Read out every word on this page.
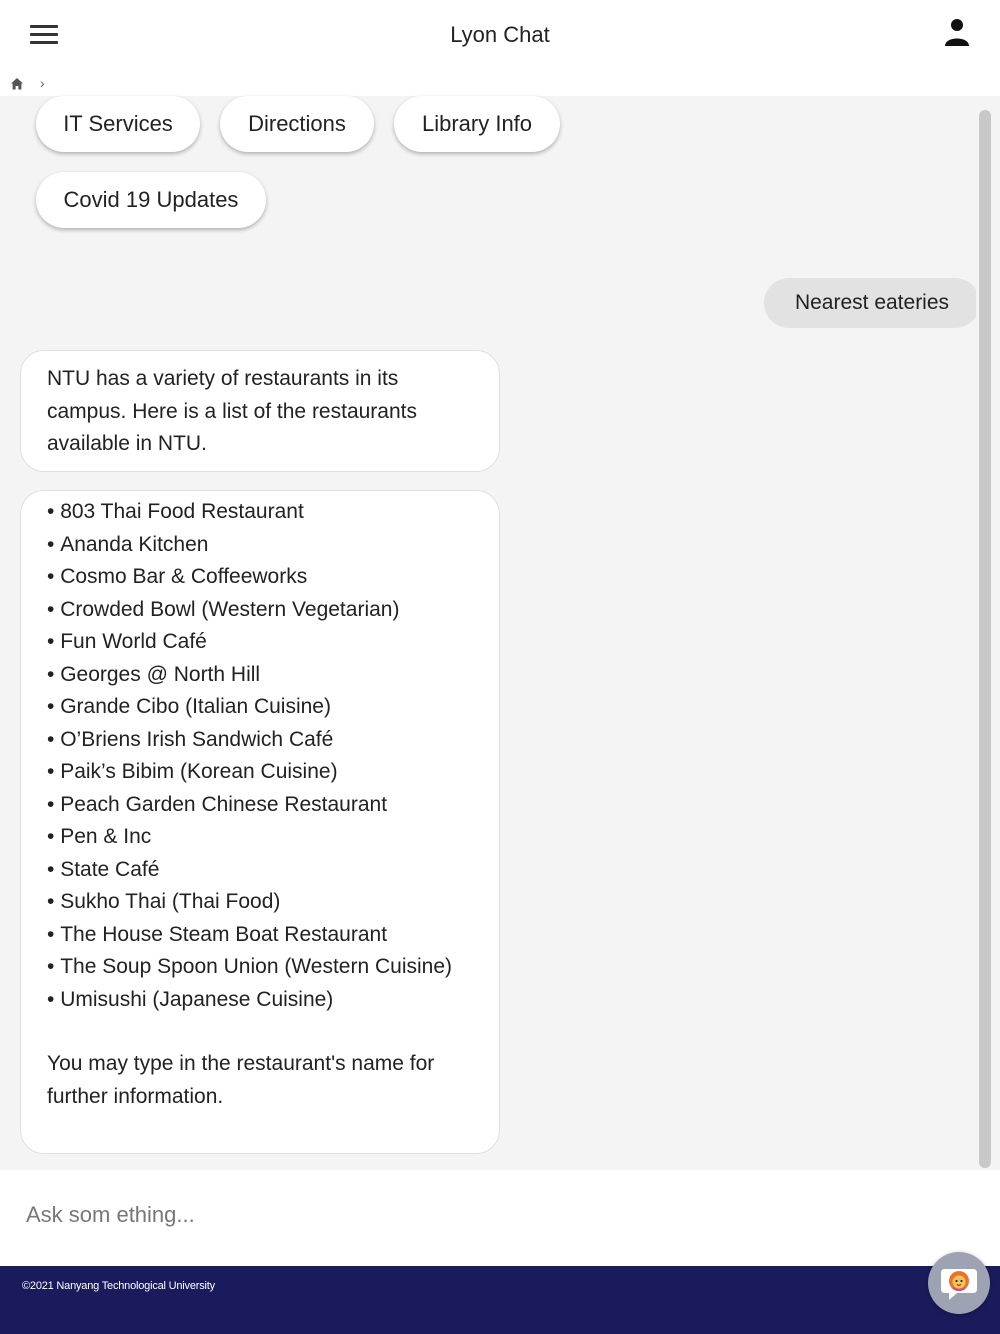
Lyon Chat
›
IT Services	Directions	Library Info
Covid 19 Updates
Nearest eateries
NTU has a variety of restaurants in its campus. Here is a list of the restaurants available in NTU.
• 803 Thai Food Restaurant
• Ananda Kitchen
• Cosmo Bar & Coffeeworks
• Crowded Bowl (Western Vegetarian)
• Fun World Café
• Georges @ North Hill
• Grande Cibo (Italian Cuisine)
• O’Briens Irish Sandwich Café
• Paik’s Bibim (Korean Cuisine)
• Peach Garden Chinese Restaurant
• Pen & Inc
• State Café
• Sukho Thai (Thai Food)
• The House Steam Boat Restaurant
• The Soup Spoon Union (Western Cuisine)
• Umisushi (Japanese Cuisine)
You may type in the restaurant's name for further information.
Ask som ething...
©2021 Nanyang Technological University
